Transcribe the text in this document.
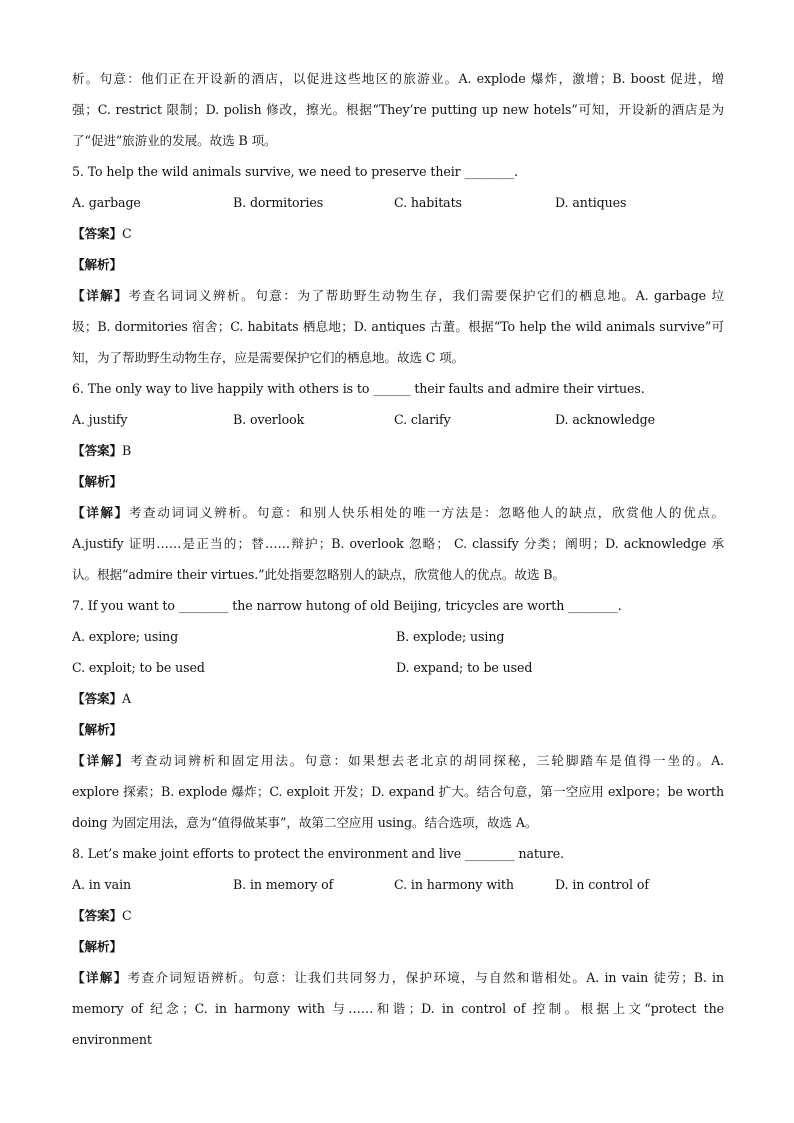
析。句意：他们正在开设新的酒店，以促进这些地区的旅游业。A. explode 爆炸，激增；B. boost 促进，增
强；C. restrict 限制；D. polish 修改，擦光。根据“They’re putting up new hotels”可知，开设新的酒店是为
了“促进”旅游业的发展。故选 B 项。
5. To help the wild animals survive, we need to preserve their ________.
A. garbage	B. dormitories	C. habitats	D. antiques
【答案】C
【解析】
【详解】考查名词词义辨析。句意：为了帮助野生动物生存，我们需要保护它们的栖息地。A. garbage 垃
圾；B. dormitories 宿舍；C. habitats 栖息地；D. antiques 古董。根据“To help the wild animals survive”可
知，为了帮助野生动物生存，应是需要保护它们的栖息地。故选 C 项。
6. The only way to live happily with others is to ______ their faults and admire their virtues.
A. justify	B. overlook	C. clarify	D. acknowledge
【答案】B
【解析】
【详解】考查动词词义辨析。句意：和别人快乐相处的唯一方法是：忽略他人的缺点，欣赏他人的优点。
A.justify 证明……是正当的；替……辩护；B. overlook 忽略； C. classify 分类；阐明；D. acknowledge 承
认。根据“admire their virtues.”此处指要忽略别人的缺点，欣赏他人的优点。故选 B。
7. If you want to ________ the narrow hutong of old Beijing, tricycles are worth ________.
A. explore; using	B. explode; using
C. exploit; to be used	D. expand; to be used
【答案】A
【解析】
【详解】考查动词辨析和固定用法。句意：如果想去老北京的胡同探秘，三轮脚踏车是值得一坐的。A.
explore 探索；B. explode 爆炸；C. exploit 开发；D. expand 扩大。结合句意，第一空应用 exlpore；be worth
doing 为固定用法，意为“值得做某事”，故第二空应用 using。结合选项，故选 A。
8. Let’s make joint efforts to protect the environment and live ________ nature.
A. in vain	B. in memory of	C. in harmony with	D. in control of
【答案】C
【解析】
【详解】考查介词短语辨析。句意：让我们共同努力，保护环境，与自然和谐相处。A. in vain 徒劳；B. in
memory of 纪念；C. in harmony with 与……和谐；D. in control of 控制。根据上文“protect the environment
